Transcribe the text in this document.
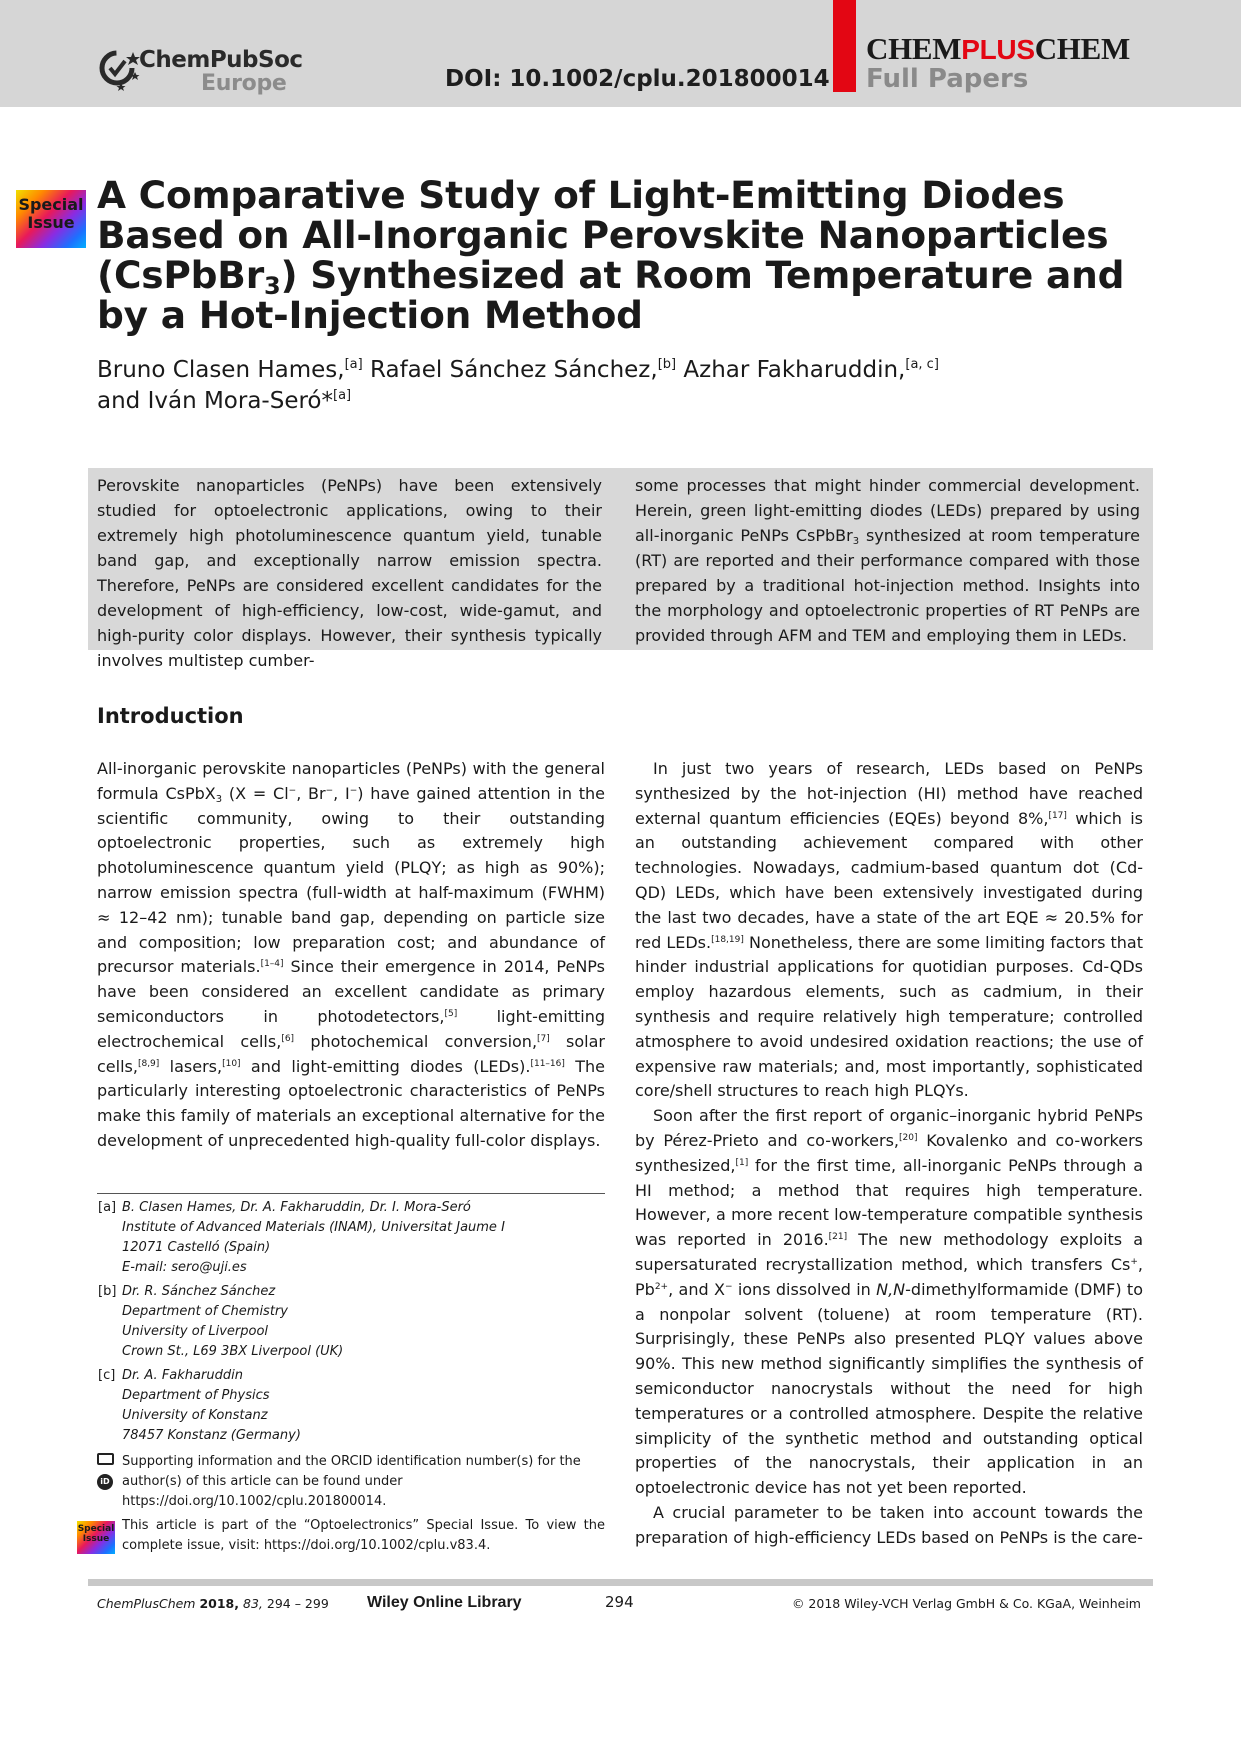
ChemPubSoc
Europe	DOI: 10.1002/cplu.201800014
CHEMPLUSCHEM
Full Papers
Special
Issue
A Comparative Study of Light-Emitting Diodes Based on All-Inorganic Perovskite Nanoparticles (CsPbBr$_3$) Synthesized at Room Temperature and by a Hot-Injection Method
Bruno Clasen Hames,[a] Rafael Sánchez Sánchez,[b] Azhar Fakharuddin,[a, c]
and Iván Mora-Seró*[a]

Perovskite nanoparticles (PeNPs) have been extensively studied for optoelectronic applications, owing to their extremely high photoluminescence quantum yield, tunable band gap, and exceptionally narrow emission spectra. Therefore, PeNPs are considered excellent candidates for the development of high-efficiency, low-cost, wide-gamut, and high-purity color displays. However, their synthesis typically involves multistep cumber-

some processes that might hinder commercial development. Herein, green light-emitting diodes (LEDs) prepared by using all-inorganic PeNPs CsPbBr$_3$ synthesized at room temperature (RT) are reported and their performance compared with those prepared by a traditional hot-injection method. Insights into the morphology and optoelectronic properties of RT PeNPs are provided through AFM and TEM and employing them in LEDs.

Introduction

All-inorganic perovskite nanoparticles (PeNPs) with the general formula CsPbX$_3$ (X = Cl−, Br−, I−) have gained attention in the scientific community, owing to their outstanding optoelectronic properties, such as extremely high photoluminescence quantum yield (PLQY; as high as 90%); narrow emission spectra (full-width at half-maximum (FWHM) ≈ 12–42 nm); tunable band gap, depending on particle size and composition; low preparation cost; and abundance of precursor materials.[1–4] Since their emergence in 2014, PeNPs have been considered an excellent candidate as primary semiconductors in photodetectors,[5] light-emitting electrochemical cells,[6] photochemical conversion,[7] solar cells,[8,9] lasers,[10] and light-emitting diodes (LEDs).[11–16] The particularly interesting optoelectronic characteristics of PeNPs make this family of materials an exceptional alternative for the development of unprecedented high-quality full-color displays.

In just two years of research, LEDs based on PeNPs synthesized by the hot-injection (HI) method have reached external quantum efficiencies (EQEs) beyond 8%,[17] which is an outstanding achievement compared with other technologies. Nowadays, cadmium-based quantum dot (Cd-QD) LEDs, which have been extensively investigated during the last two decades, have a state of the art EQE ≈ 20.5% for red LEDs.[18,19] Nonetheless, there are some limiting factors that hinder industrial applications for quotidian purposes. Cd-QDs employ hazardous elements, such as cadmium, in their synthesis and require relatively high temperature; controlled atmosphere to avoid undesired oxidation reactions; the use of expensive raw materials; and, most importantly, sophisticated core/shell structures to reach high PLQYs.

Soon after the first report of organic–inorganic hybrid PeNPs by Pérez-Prieto and co-workers,[20] Kovalenko and co-workers synthesized,[1] for the first time, all-inorganic PeNPs through a HI method; a method that requires high temperature. However, a more recent low-temperature compatible synthesis was reported in 2016.[21] The new methodology exploits a supersaturated recrystallization method, which transfers Cs+, $Pb^{2+}$, and X− ions dissolved in N,N-dimethylformamide (DMF) to a nonpolar solvent (toluene) at room temperature (RT). Surprisingly, these PeNPs also presented PLQY values above 90%. This new method significantly simplifies the synthesis of semiconductor nanocrystals without the need for high temperatures or a controlled atmosphere. Despite the relative simplicity of the synthetic method and outstanding optical properties of the nanocrystals, their application in an optoelectronic device has not yet been reported.

A crucial parameter to be taken into account towards the preparation of high-efficiency LEDs based on PeNPs is the care-

[a] B. Clasen Hames, Dr. A. Fakharuddin, Dr. I. Mora-Seró
Institute of Advanced Materials (INAM), Universitat Jaume I
12071 Castelló (Spain)
E-mail: sero@uji.es
[b] Dr. R. Sánchez Sánchez
Department of Chemistry
University of Liverpool
Crown St., L69 3BX Liverpool (UK)
[c] Dr. A. Fakharuddin
Department of Physics
University of Konstanz
78457 Konstanz (Germany)
iD
Supporting information and the ORCID identification number(s) for the author(s) of this article can be found under https://doi.org/10.1002/cplu.201800014.
Special
Issue
This article is part of the “Optoelectronics” Special Issue. To view the complete issue, visit: https://doi.org/10.1002/cplu.v83.4.
ChemPlusChem 2018, 83, 294 – 299 Wiley Online Library	294	© 2018 Wiley-VCH Verlag GmbH & Co. KGaA, Weinheim
